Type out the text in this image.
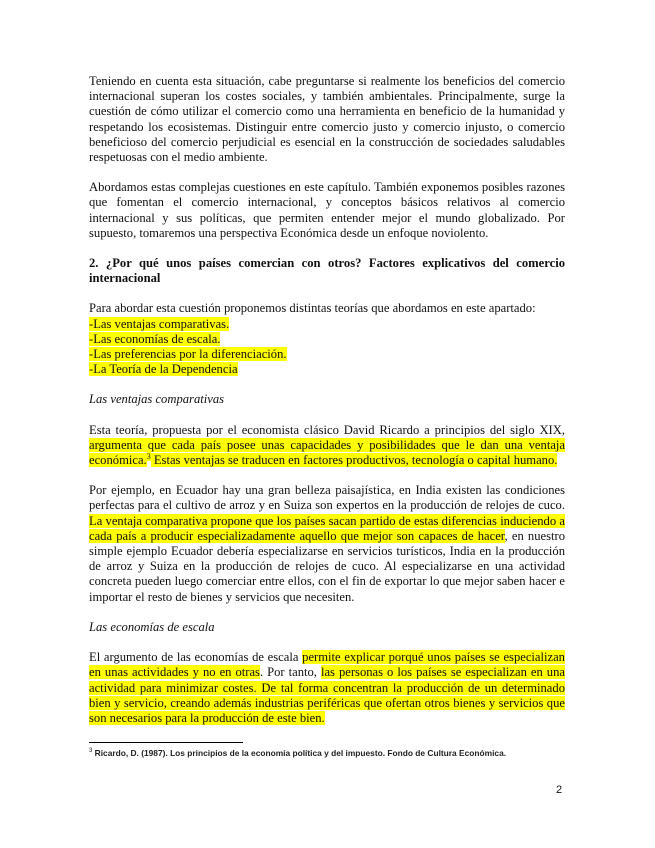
Teniendo en cuenta esta situación, cabe preguntarse si realmente los beneficios del comercio internacional superan los costes sociales, y también ambientales. Principalmente, surge la cuestión de cómo utilizar el comercio como una herramienta en beneficio de la humanidad y respetando los ecosistemas. Distinguir entre comercio justo y comercio injusto, o comercio beneficioso del comercio perjudicial es esencial en la construcción de sociedades saludables respetuosas con el medio ambiente.

Abordamos estas complejas cuestiones en este capítulo. También exponemos posibles razones que fomentan el comercio internacional, y conceptos básicos relativos al comercio internacional y sus políticas, que permiten entender mejor el mundo globalizado. Por supuesto, tomaremos una perspectiva Económica desde un enfoque noviolento.

2. ¿Por qué unos países comercian con otros? Factores explicativos del comercio internacional

Para abordar esta cuestión proponemos distintas teorías que abordamos en este apartado:

-Las ventajas comparativas.
-Las economías de escala.
-Las preferencias por la diferenciación.
-La Teoría de la Dependencia

Las ventajas comparativas

Esta teoría, propuesta por el economista clásico David Ricardo a principios del siglo XIX, argumenta que cada país posee unas capacidades y posibilidades que le dan una ventaja económica.$^3$ Estas ventajas se traducen en factores productivos, tecnología o capital humano.

Por ejemplo, en Ecuador hay una gran belleza paisajística, en India existen las condiciones perfectas para el cultivo de arroz y en Suiza son expertos en la producción de relojes de cuco. La ventaja comparativa propone que los países sacan partido de estas diferencias induciendo a cada país a producir especializadamente aquello que mejor son capaces de hacer, en nuestro simple ejemplo Ecuador debería especializarse en servicios turísticos, India en la producción de arroz y Suiza en la producción de relojes de cuco. Al especializarse en una actividad concreta pueden luego comerciar entre ellos, con el fin de exportar lo que mejor saben hacer e importar el resto de bienes y servicios que necesiten.

Las economías de escala

El argumento de las economías de escala permite explicar porqué unos países se especializan en unas actividades y no en otras. Por tanto, las personas o los países se especializan en una actividad para minimizar costes. De tal forma concentran la producción de un determinado bien y servicio, creando además industrias periféricas que ofertan otros bienes y servicios que son necesarios para la producción de este bien.

$^3$ Ricardo, D. (1987). Los principios de la economía política y del impuesto. Fondo de Cultura Económica.
2
